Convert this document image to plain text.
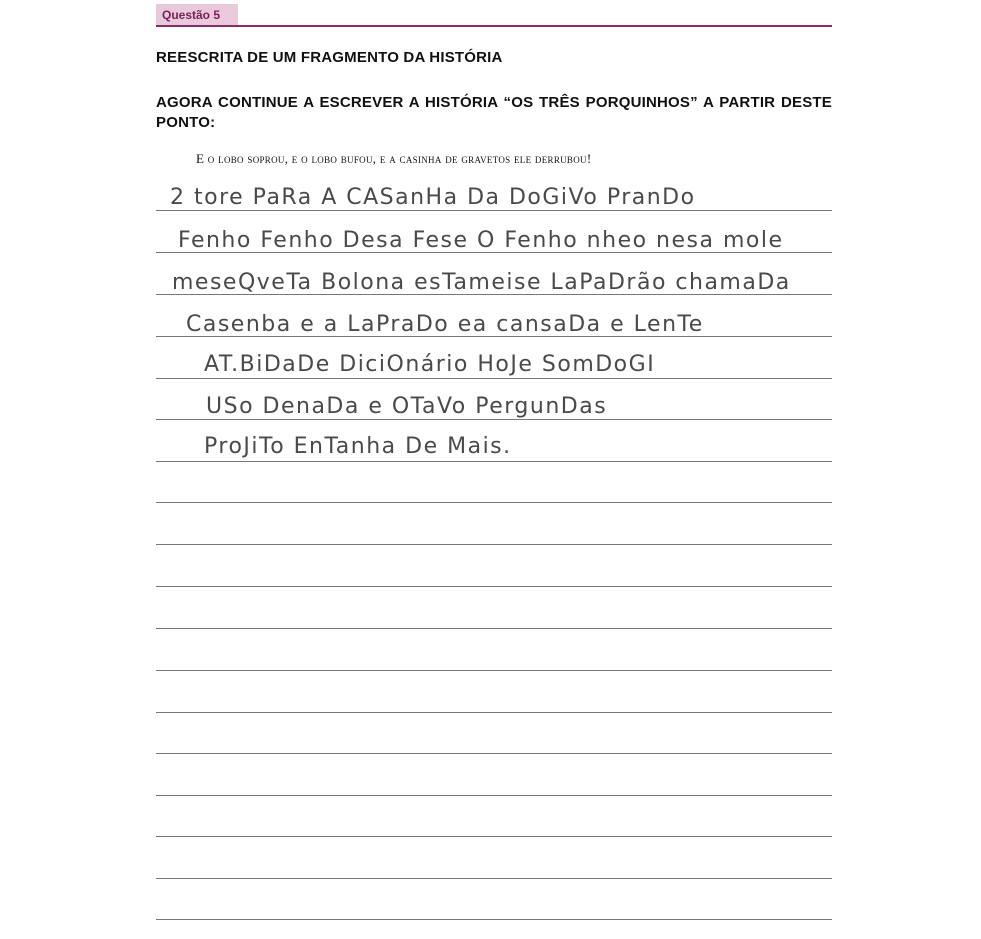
Questão 5
REESCRITA DE UM FRAGMENTO DA HISTÓRIA
AGORA CONTINUE A ESCREVER A HISTÓRIA “OS TRÊS PORQUINHOS” A PARTIR DESTE PONTO:
E o lobo soprou, e o lobo bufou, e a casinha de gravetos ele derrubou!
2 tore PaRa A CASanHa Da DoGiVo PranDo
Fenho Fenho Desa Fese O Fenho nheo nesa mole
meseQveTa Bolona esTameise LaPaDrão chamaDa
Casenba e a LaPraDo ea cansaDa e LenTe
AT.BiDaDe DiciOnário HoJe SomDoGI
USo DenaDa e OTaVo PergunDas
ProJiTo EnTanha De Mais.
